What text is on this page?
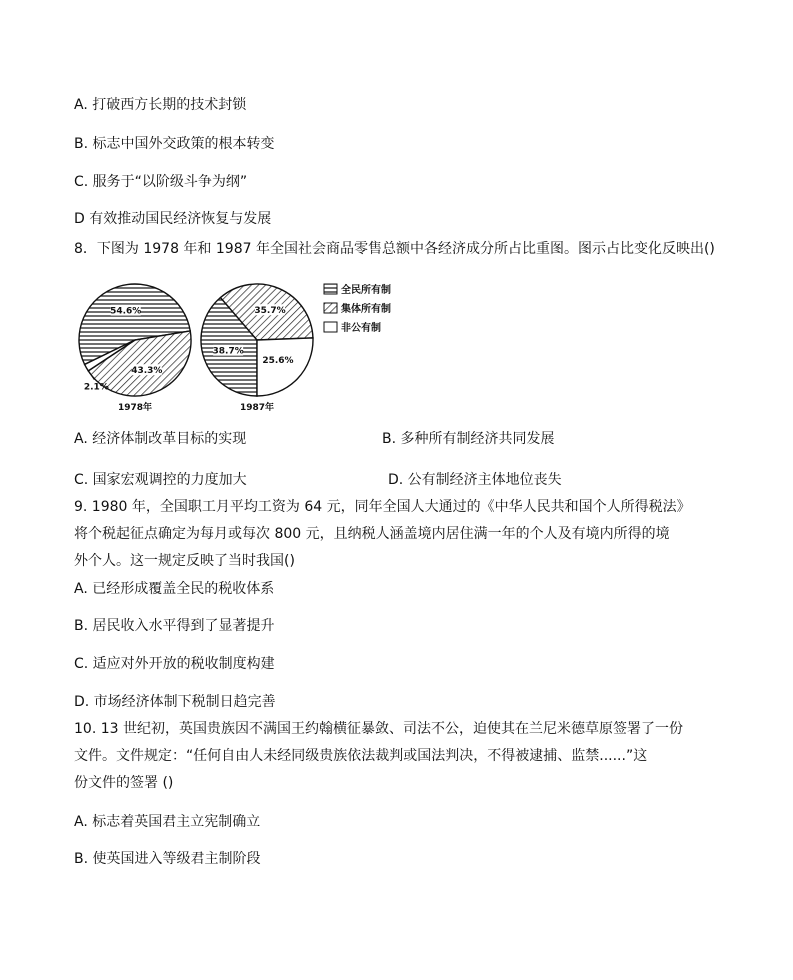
A. 打破西方长期的技术封锁
B. 标志中国外交政策的根本转变
C. 服务于“以阶级斗争为纲”
D 有效推动国民经济恢复与发展
8．下图为 1978 年和 1987 年全国社会商品零售总额中各经济成分所占比重图。图示占比变化反映出()
54.6%
43.3%
2.1%
38.7%
35.7%
25.6%
全民所有制
集体所有制
非公有制
1978年	1987年
A. 经济体制改革目标的实现	B. 多种所有制经济共同发展
C. 国家宏观调控的力度加大	D. 公有制经济主体地位丧失
9. 1980 年，全国职工月平均工资为 64 元，同年全国人大通过的《中华人民共和国个人所得税法》
将个税起征点确定为每月或每次 800 元，且纳税人涵盖境内居住满一年的个人及有境内所得的境
外个人。这一规定反映了当时我国()
A. 已经形成覆盖全民的税收体系
B. 居民收入水平得到了显著提升
C. 适应对外开放的税收制度构建
D. 市场经济体制下税制日趋完善
10. 13 世纪初，英国贵族因不满国王约翰横征暴敛、司法不公，迫使其在兰尼米德草原签署了一份
文件。文件规定：“任何自由人未经同级贵族依法裁判或国法判决，不得被逮捕、监禁......”这
份文件的签署 ()
A. 标志着英国君主立宪制确立
B. 使英国进入等级君主制阶段
